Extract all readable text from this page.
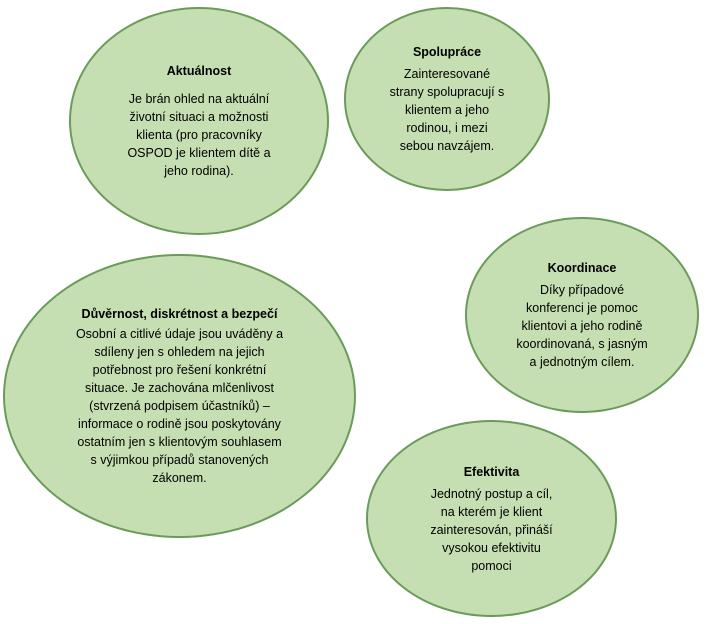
Aktuálnost
Je brán ohled na aktuální
životní situaci a možnosti
klienta (pro pracovníky
OSPOD je klientem dítě a
jeho rodina).
Spolupráce
Zainteresované
strany spolupracují s
klientem a jeho
rodinou, i mezi
sebou navzájem.
Koordinace
Díky případové
konferenci je pomoc
klientovi a jeho rodině
koordinovaná, s jasným
a jednotným cílem.
Důvěrnost, diskrétnost a bezpečí
Osobní a citlivé údaje jsou uváděny a
sdíleny jen s ohledem na jejich
potřebnost pro řešení konkrétní
situace. Je zachována mlčenlivost
(stvrzená podpisem účastníků) –
informace o rodině jsou poskytovány
ostatním jen s klientovým souhlasem
s výjimkou případů stanovených
zákonem.	Efektivita
Jednotný postup a cíl,
na kterém je klient
zainteresován, přináší
vysokou efektivitu
pomoci
